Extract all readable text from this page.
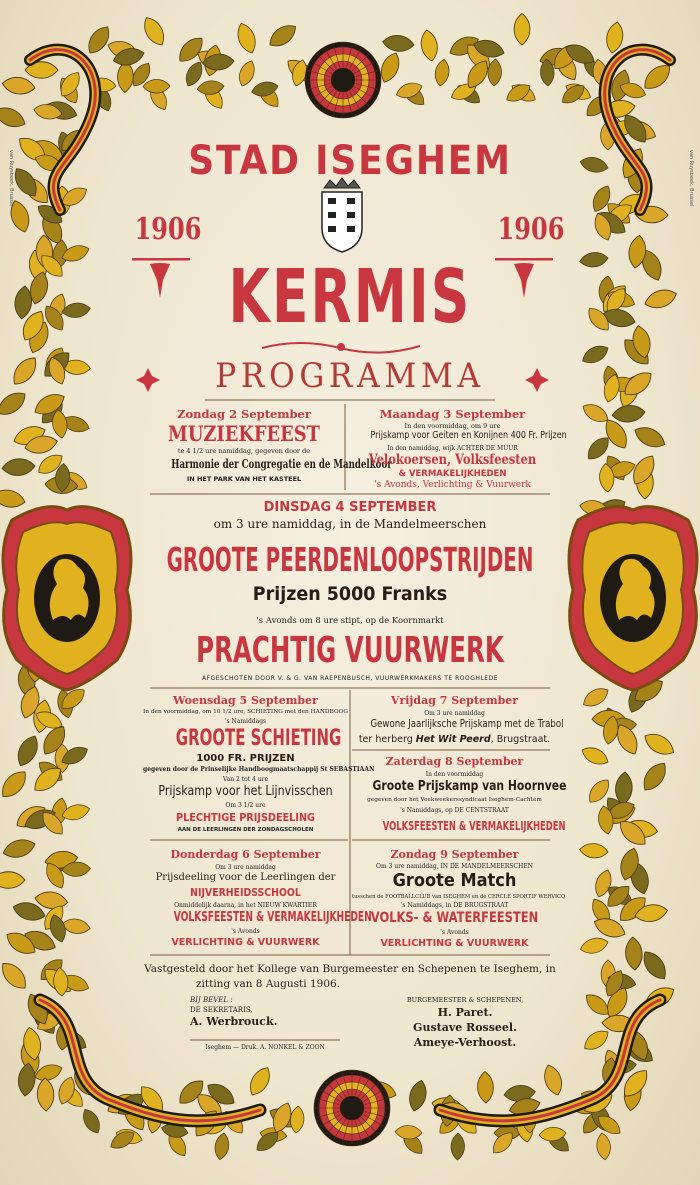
van Ruysbeek, Brussel	van Ruysbeek, Brussel
STAD ISEGHEM
1906	1906
KERMIS
PROGRAMMA
Zondag 2 September
MUZIEKFEEST
te 4 1/2 ure namiddag, gegeven door de
Harmonie der Congregatie en de Mandelkoor
IN HET PARK VAN HET KASTEEL
Maandag 3 September
In den voormiddag, om 9 ure
Prijskamp voor Geiten en Konijnen 400 Fr. Prijzen
In den namiddag, wijk ACHTER DE MUUR
Velokoersen, Volksfeesten
& VERMAKELIJKHEDEN
's Avonds, Verlichting & Vuurwerk
DINSDAG 4 SEPTEMBER
om 3 ure namiddag, in de Mandelmeerschen
GROOTE PEERDENLOOPSTRIJDEN
Prijzen 5000 Franks
's Avonds om 8 ure stipt, op de Koornmarkt
PRACHTIG VUURWERK
AFGESCHOTEN DOOR V. & G. VAN RAEPENBUSCH, VUURWERKMAKERS TE ROOGHLEDE
Woensdag 5 September
In den voormiddag, om 10 1/2 ure, SCHIETING met den HANDBOOG
's Namiddags
GROOTE SCHIETING
1000 FR. PRIJZEN
gegeven door de Prinselijke Handboogmaatschappij St SEBASTIAAN
Van 2 tot 4 ure
Prijskamp voor het Lijnvisschen
Om 3 1/2 ure
PLECHTIGE PRIJSDEELING
AAN DE LEERLINGEN DER ZONDAGSCHOLEN
Donderdag 6 September
Om 3 ure namiddag
Prijsdeeling voor de Leerlingen der
NIJVERHEIDSSCHOOL
Onmiddelijk daarna, in het NIEUW KWARTIER
VOLKSFEESTEN & VERMAKELIJKHEDEN
's Avonds
VERLICHTING & VUURWERK
Vrijdag 7 September
Om 3 ure namiddag
Gewone Jaarlijksche Prijskamp met de Trabol
ter herberg Het Wit Peerd, Brugstraat.
Zaterdag 8 September
In den voormiddag
Groote Prijskamp van Hoornvee
gegeven door het Veekweekerssyndicaat Iseghem-Cachtem
's Namiddags, op DE CENTSTRAAT
VOLKSFEESTEN & VERMAKELIJKHEDEN
Zondag 9 September
Om 3 ure namiddag, IN DE MANDELMEERSCHEN
Groote Match
tusschen de FOOTBALLCLUB van ISEGHEM en de CERCLE SPORTIF WERVICQ
's Namiddags, in DE BRUGSTRAAT
VOLKS- & WATERFEESTEN
's Avonds
VERLICHTING & VUURWERK
Vastgesteld door het Kollege van Burgemeester en Schepenen te Iseghem, in
zitting van 8 Augusti 1906.
BIJ BEVEL :
DE SEKRETARIS,
A. Werbrouck.
BURGEMEESTER & SCHEPENEN,
H. Paret.
Gustave Rosseel.
Ameye-Verhoost.
Iseghem — Druk. A. NONKEL & ZOON
